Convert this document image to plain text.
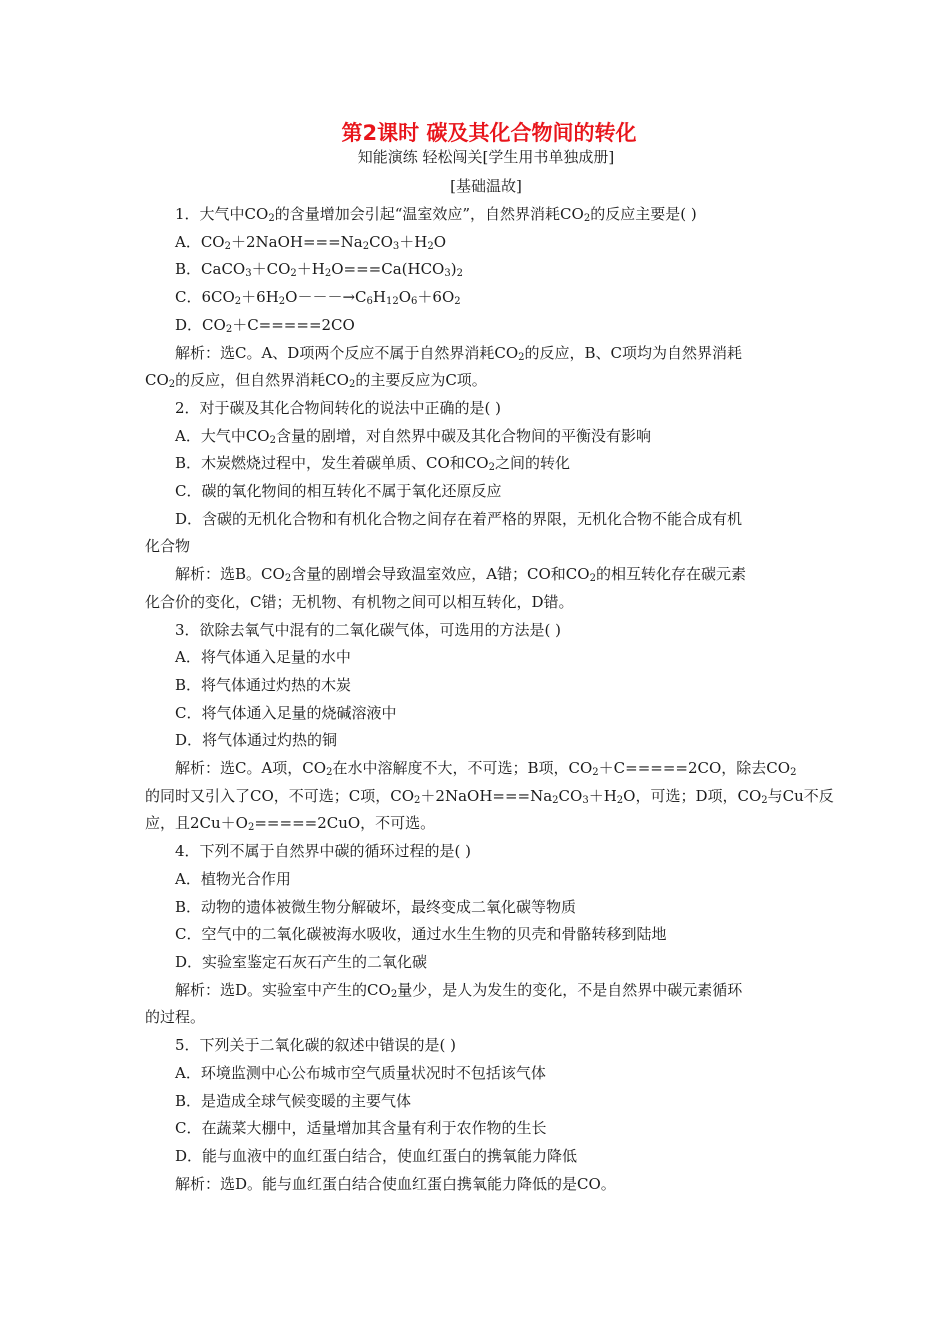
第2课时 碳及其化合物间的转化
知能演练 轻松闯关[学生用书单独成册]
[基础温故]
1．大气中$CO_2$的含量增加会引起“温室效应”，自然界消耗$CO_2$的反应主要是( )
A．$CO_2+2NaOH===Na_2CO_3+H_2O$
B．$CaCO_3+CO_2+H_2O===Ca(HCO_3)_2$
C．$6CO_2+6H_2O---\to C_6H_{12}O_6+6O_2$
D．$CO_2+C=====2CO$
解析：选C。A、D项两个反应不属于自然界消耗$CO_2$的反应，B、C项均为自然界消耗
$CO_2$的反应，但自然界消耗$CO_2$的主要反应为C项。
2．对于碳及其化合物间转化的说法中正确的是( )
A．大气中$CO_2$含量的剧增，对自然界中碳及其化合物间的平衡没有影响
B．木炭燃烧过程中，发生着碳单质、CO和$CO_2$之间的转化
C．碳的氧化物间的相互转化不属于氧化还原反应
D．含碳的无机化合物和有机化合物之间存在着严格的界限，无机化合物不能合成有机
化合物
解析：选B。$CO_2$含量的剧增会导致温室效应，A错；CO和$CO_2$的相互转化存在碳元素
化合价的变化，C错；无机物、有机物之间可以相互转化，D错。
3．欲除去氧气中混有的二氧化碳气体，可选用的方法是( )
A．将气体通入足量的水中
B．将气体通过灼热的木炭
C．将气体通入足量的烧碱溶液中
D．将气体通过灼热的铜
解析：选C。A项，$CO_2$在水中溶解度不大，不可选；B项，$CO_2+C=====2CO$，除去$CO_2$
的同时又引入了CO，不可选；C项，$CO_2+2NaOH===Na_2CO_3+H_2O$，可选；D项，$CO_2$与Cu不反
应，且$2Cu+O_2=====2CuO$，不可选。
4．下列不属于自然界中碳的循环过程的是( )
A．植物光合作用
B．动物的遗体被微生物分解破坏，最终变成二氧化碳等物质
C．空气中的二氧化碳被海水吸收，通过水生生物的贝壳和骨骼转移到陆地
D．实验室鉴定石灰石产生的二氧化碳
解析：选D。实验室中产生的$CO_2$量少，是人为发生的变化，不是自然界中碳元素循环
的过程。
5．下列关于二氧化碳的叙述中错误的是( )
A．环境监测中心公布城市空气质量状况时不包括该气体
B．是造成全球气候变暖的主要气体
C．在蔬菜大棚中，适量增加其含量有利于农作物的生长
D．能与血液中的血红蛋白结合，使血红蛋白的携氧能力降低
解析：选D。能与血红蛋白结合使血红蛋白携氧能力降低的是CO。
